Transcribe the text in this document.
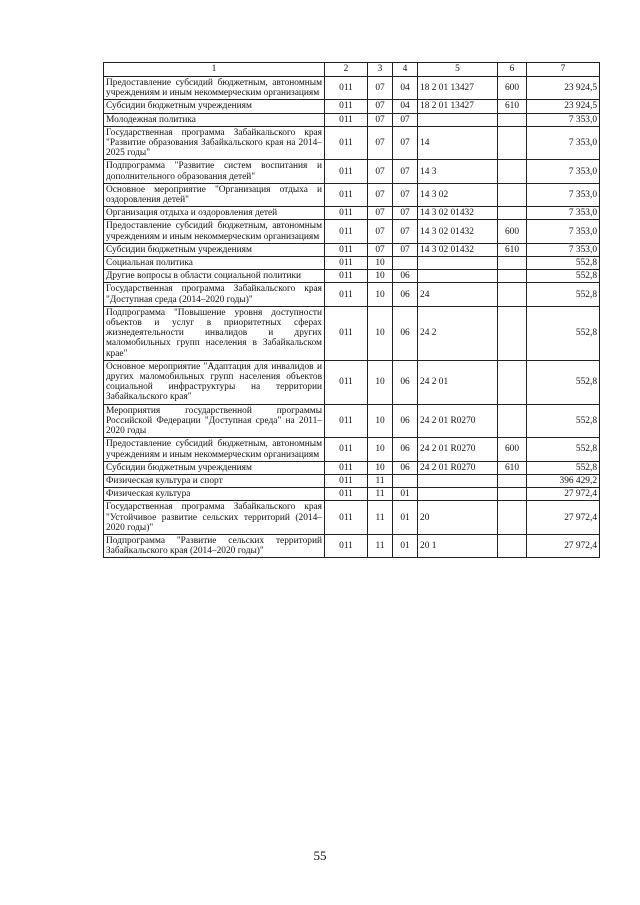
1	2	3	4	5	6	7
Предоставление субсидий бюджетным, автономным учреждениям и иным некоммерческим организациям	011	07	04	18 2 01 13427	600	23 924,5
Субсидии бюджетным учреждениям	011	07	04	18 2 01 13427	610	23 924,5
Молодежная политика	011	07	07			7 353,0
Государственная программа Забайкальского края "Развитие образования Забайкальского края на 2014–2025 годы"	011	07	07	14		7 353,0
Подпрограмма "Развитие систем воспитания и дополнительного образования детей"	011	07	07	14 3		7 353,0
Основное мероприятие "Организация отдыха и оздоровления детей"	011	07	07	14 3 02		7 353,0
Организация отдыха и оздоровления детей	011	07	07	14 3 02 01432		7 353,0
Предоставление субсидий бюджетным, автономным учреждениям и иным некоммерческим организациям	011	07	07	14 3 02 01432	600	7 353,0
Субсидии бюджетным учреждениям	011	07	07	14 3 02 01432	610	7 353,0
Социальная политика	011	10				552,8
Другие вопросы в области социальной политики	011	10	06			552,8
Государственная программа Забайкальского края "Доступная среда (2014–2020 годы)"	011	10	06	24		552,8
Подпрограмма "Повышение уровня доступности объектов и услуг в приоритетных сферах жизнедеятельности инвалидов и других маломобильных групп населения в Забайкальском крае"	011	10	06	24 2		552,8
Основное мероприятие "Адаптация для инвалидов и других маломобильных групп населения объектов социальной инфраструктуры на территории Забайкальского края"	011	10	06	24 2 01		552,8
Мероприятия государственной программы Российской Федерации "Доступная среда" на 2011–2020 годы	011	10	06	24 2 01 R0270		552,8
Предоставление субсидий бюджетным, автономным учреждениям и иным некоммерческим организациям	011	10	06	24 2 01 R0270	600	552,8
Субсидии бюджетным учреждениям	011	10	06	24 2 01 R0270	610	552,8
Физическая культура и спорт	011	11				396 429,2
Физическая культура	011	11	01			27 972,4
Государственная программа Забайкальского края "Устойчивое развитие сельских территорий (2014–2020 годы)"	011	11	01	20		27 972,4
Подпрограмма "Развитие сельских территорий Забайкальского края (2014–2020 годы)"	011	11	01	20 1		27 972,4
55
